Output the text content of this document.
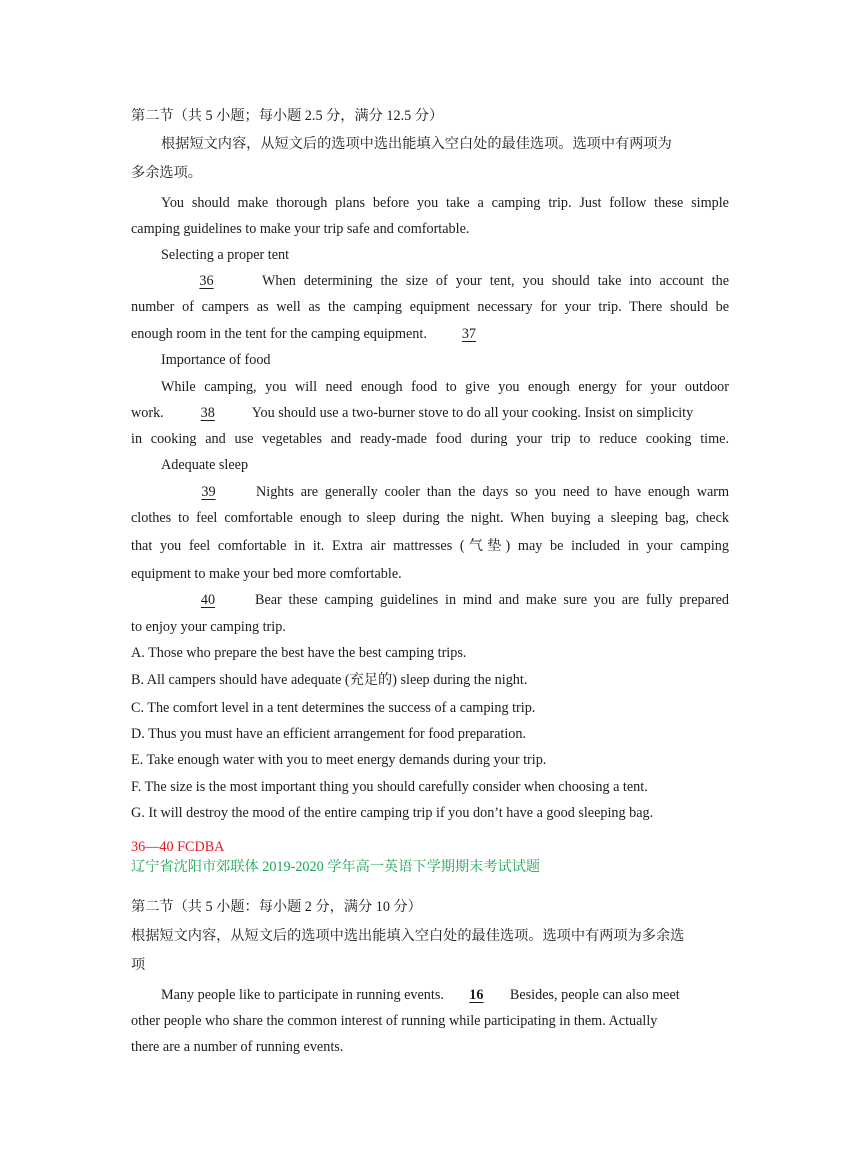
第二节（共 5 小题；每小题 2.5 分，满分 12.5 分）
根据短文内容，从短文后的选项中选出能填入空白处的最佳选项。选项中有两项为
多余选项。
You should make thorough plans before you take a camping trip. Just follow these simple
camping guidelines to make your trip safe and comfortable.
Selecting a proper tent
36	When determining the size of your tent, you should take into account the
number of campers as well as the camping equipment necessary for your trip. There should be
enough room in the tent for the camping equipment. 37
Importance of food
While camping, you will need enough food to give you enough energy for your outdoor
work.	38	You should use a two-burner stove to do all your cooking. Insist on simplicity
in cooking and use vegetables and ready-made food during your trip to reduce cooking time.
Adequate sleep
39	Nights are generally cooler than the days so you need to have enough warm
clothes to feel comfortable enough to sleep during the night. When buying a sleeping bag, check
that you feel comfortable in it. Extra air mattresses (气垫) may be included in your camping
equipment to make your bed more comfortable.
40	Bear these camping guidelines in mind and make sure you are fully prepared
to enjoy your camping trip.
A. Those who prepare the best have the best camping trips.
B. All campers should have adequate (充足的) sleep during the night.
C. The comfort level in a tent determines the success of a camping trip.
D. Thus you must have an efficient arrangement for food preparation.
E. Take enough water with you to meet energy demands during your trip.
F. The size is the most important thing you should carefully consider when choosing a tent.
G. It will destroy the mood of the entire camping trip if you don’t have a good sleeping bag.
36—40 FCDBA
辽宁省沈阳市郊联体 2019-2020 学年高一英语下学期期末考试试题
第二节（共 5 小题：每小题 2 分，满分 10 分）
根据短文内容，从短文后的选项中选出能填入空白处的最佳选项。选项中有两项为多余选
项
Many people like to participate in running events. 16 Besides, people can also meet
other people who share the common interest of running while participating in them. Actually
there are a number of running events.
